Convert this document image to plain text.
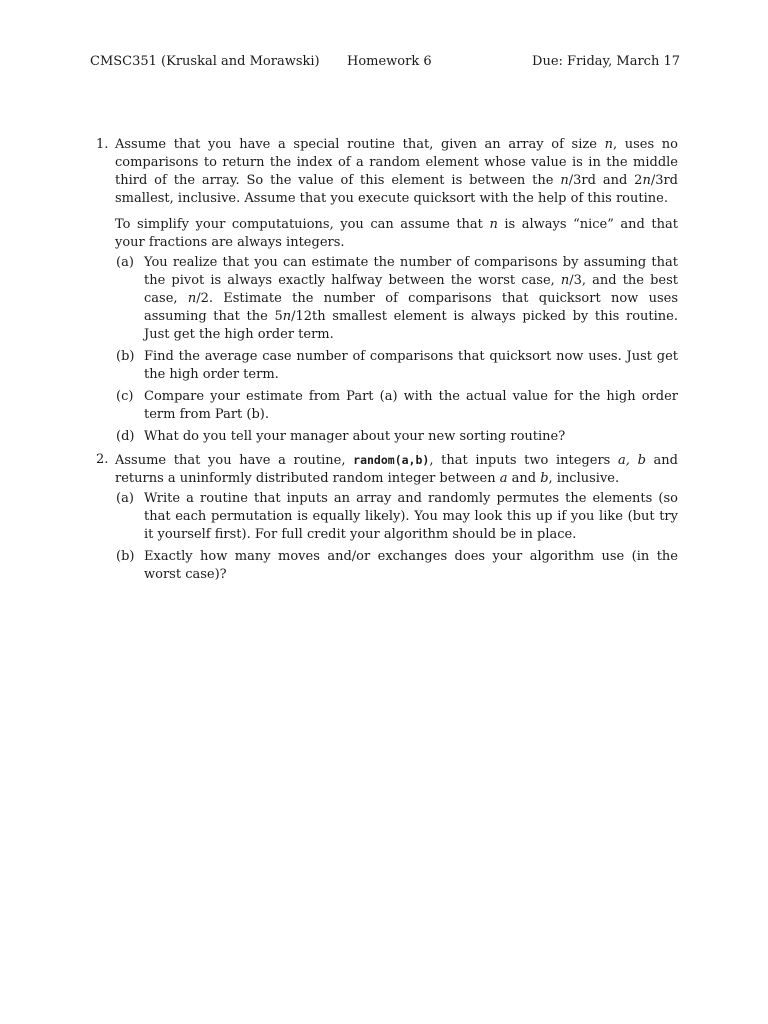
CMSC351 (Kruskal and Morawski) Homework 6	Due: Friday, March 17
1. Assume that you have a special routine that, given an array of size n, uses no comparisons to return the index of a random element whose value is in the middle third of the array. So the value of this element is between the n/3rd and 2n/3rd smallest, inclusive. Assume that you execute quicksort with the help of this routine.

To simplify your computatuions, you can assume that n is always “nice” and that your fractions are always integers.

(a) You realize that you can estimate the number of comparisons by assuming that the pivot is always exactly halfway between the worst case, n/3, and the best case, n/2. Estimate the number of comparisons that quicksort now uses assuming that the 5n/12th smallest element is always picked by this routine. Just get the high order term.
(b) Find the average case number of comparisons that quicksort now uses. Just get the high order term.
(c) Compare your estimate from Part (a) with the actual value for the high order term from Part (b).
(d) What do you tell your manager about your new sorting routine?
2. Assume that you have a routine, random(a,b), that inputs two integers a, b and returns a uninformly distributed random integer between a and b, inclusive.

(a) Write a routine that inputs an array and randomly permutes the elements (so that each permutation is equally likely). You may look this up if you like (but try it yourself first). For full credit your algorithm should be in place.
(b) Exactly how many moves and/or exchanges does your algorithm use (in the worst case)?
